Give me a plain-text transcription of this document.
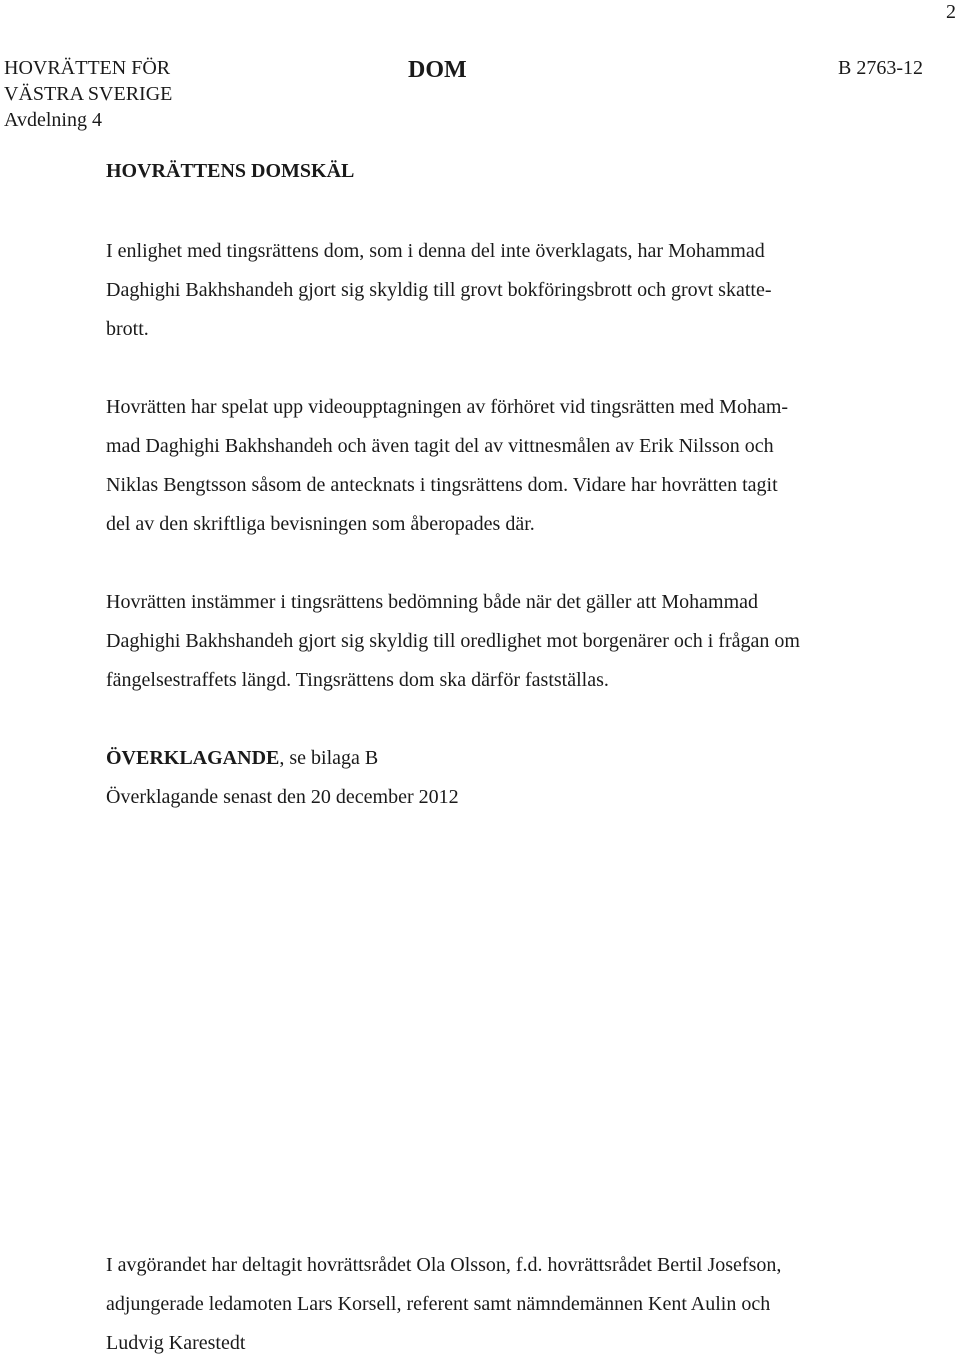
2
HOVRÄTTEN FÖR
VÄSTRA SVERIGE
Avdelning 4
DOM	B 2763-12
HOVRÄTTENS DOMSKÄL

I enlighet med tingsrättens dom, som i denna del inte överklagats, har Mohammad

Daghighi Bakhshandeh gjort sig skyldig till grovt bokföringsbrott och grovt skatte-

brott.

Hovrätten har spelat upp videoupptagningen av förhöret vid tingsrätten med Moham-

mad Daghighi Bakhshandeh och även tagit del av vittnesmålen av Erik Nilsson och

Niklas Bengtsson såsom de antecknats i tingsrättens dom. Vidare har hovrätten tagit

del av den skriftliga bevisningen som åberopades där.

Hovrätten instämmer i tingsrättens bedömning både när det gäller att Mohammad

Daghighi Bakhshandeh gjort sig skyldig till oredlighet mot borgenärer och i frågan om

fängelsestraffets längd. Tingsrättens dom ska därför fastställas.

ÖVERKLAGANDE, se bilaga B

Överklagande senast den 20 december 2012

I avgörandet har deltagit hovrättsrådet Ola Olsson, f.d. hovrättsrådet Bertil Josefson,

adjungerade ledamoten Lars Korsell, referent samt nämndemännen Kent Aulin och

Ludvig Karestedt
